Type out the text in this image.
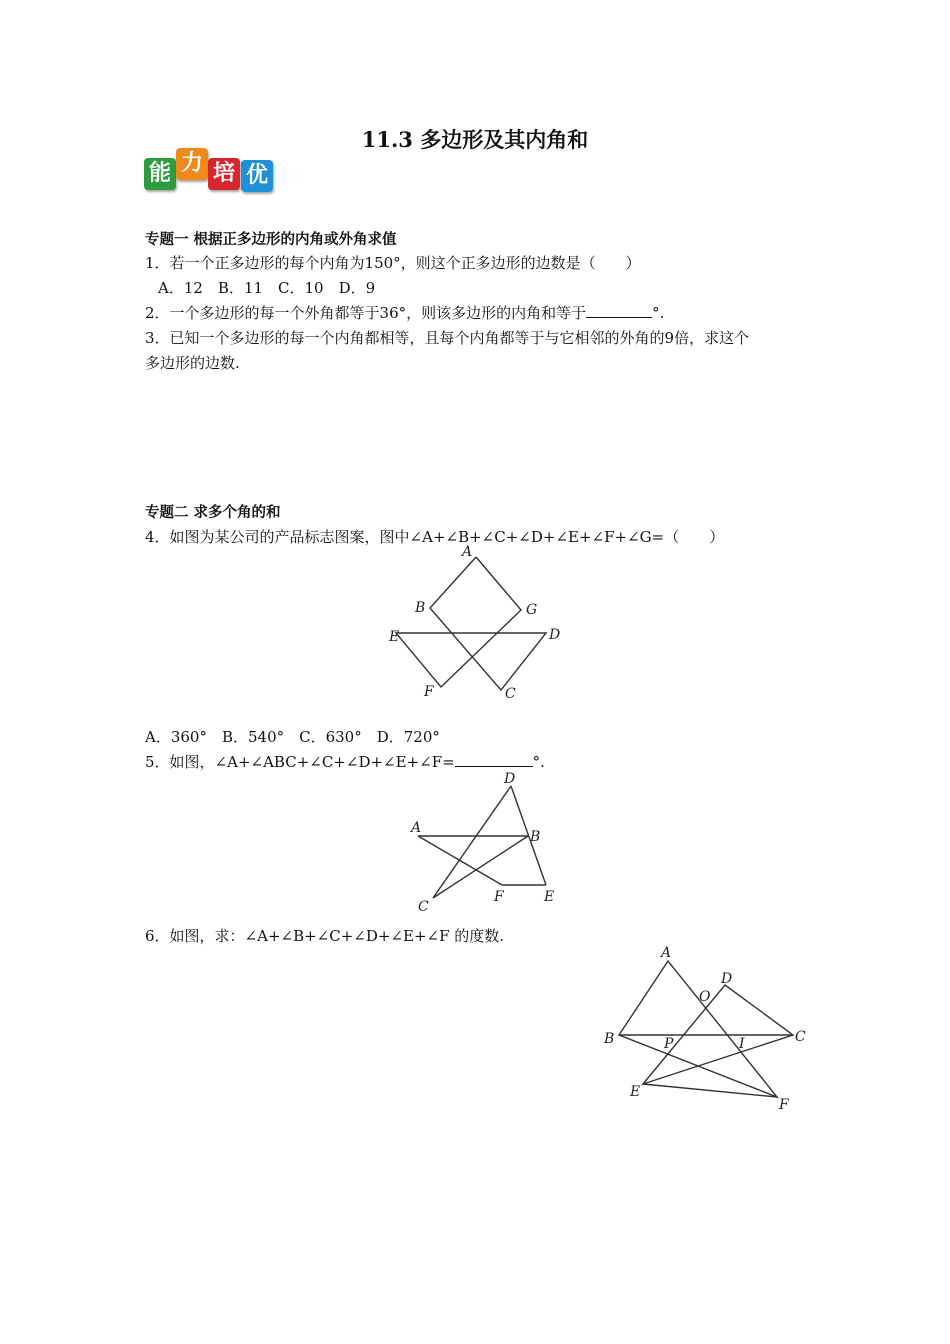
11.3 多边形及其内角和
能 力 培 优
专题一 根据正多边形的内角或外角求值
1．若一个正多边形的每个内角为150°，则这个正多边形的边数是（　　）
A．12　B．11　C．10　D．9
2．一个多边形的每一个外角都等于36°，则该多边形的内角和等于	°.
3．已知一个多边形的每一个内角都相等，且每个内角都等于与它相邻的外角的9倍，求这个
多边形的边数.
专题二 求多个角的和
4．如图为某公司的产品标志图案，图中∠A+∠B+∠C+∠D+∠E+∠F+∠G=（　　）
A
B	G
E	D
F	C
A．360°　B．540°　C．630°　D．720°
5．如图，∠A+∠ABC+∠C+∠D+∠E+∠F=	°.
D
A
B
C
F	E
6．如图，求：∠A+∠B+∠C+∠D+∠E+∠F 的度数.
A
D
O
B	P	I	C
E
F
